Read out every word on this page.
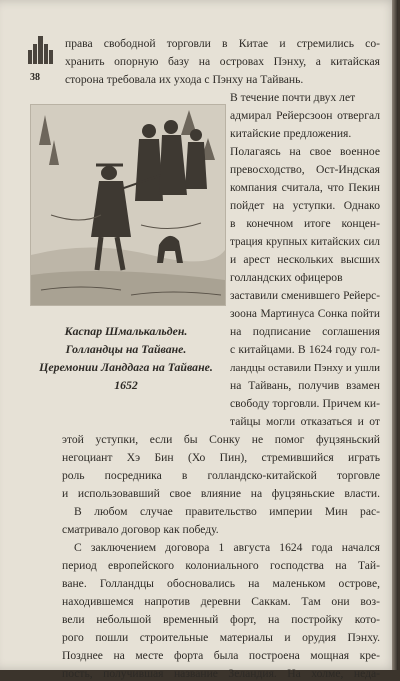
38
права свободной торговли в Китае и стремились со-
хранить опорную базу на островах Пэнху, а китайская
сторона требовала их ухода с Пэнху на Тайвань.
В течение почти двух лет
адмирал Рейерсзоон отвергал
китайские предложения.
Полагаясь на свое военное
превосходство, Ост-Индская
компания считала, что Пекин
пойдет на уступки. Однако
в конечном итоге концен-
трация крупных китайских сил
и арест нескольких высших
голландских офицеров
заставили сменившего Рейерс-
зоона Мартинуса Сонка пойти
на подписание соглашения
с китайцами. В 1624 году гол-
ландцы оставили Пэнху и ушли
на Тайвань, получив взамен
свободу торговли. Причем ки-
тайцы могли отказаться и от
Каспар Шмалькальден.
Голландцы на Тайване.
Церемонии Ланддага на Тайване.
1652
этой уступки, если бы Сонку не помог фуцзяньский
негоциант Хэ Бин (Хо Пин), стремившийся играть
роль посредника в голландско-китайской торговле
и использовавший свое влияние на фуцзяньские власти.
В любом случае правительство империи Мин рас-
сматривало договор как победу.
С заключением договора 1 августа 1624 года начался
период европейского колониального господства на Тай-
ване. Голландцы обосновались на маленьком острове,
находившемся напротив деревни Саккам. Там они воз-
вели небольшой временный форт, на постройку кото-
рого пошли строительные материалы и орудия Пэнху.
Позднее на месте форта была построена мощная кре-
пость, получившая название Зеландия. На холме, неда-
